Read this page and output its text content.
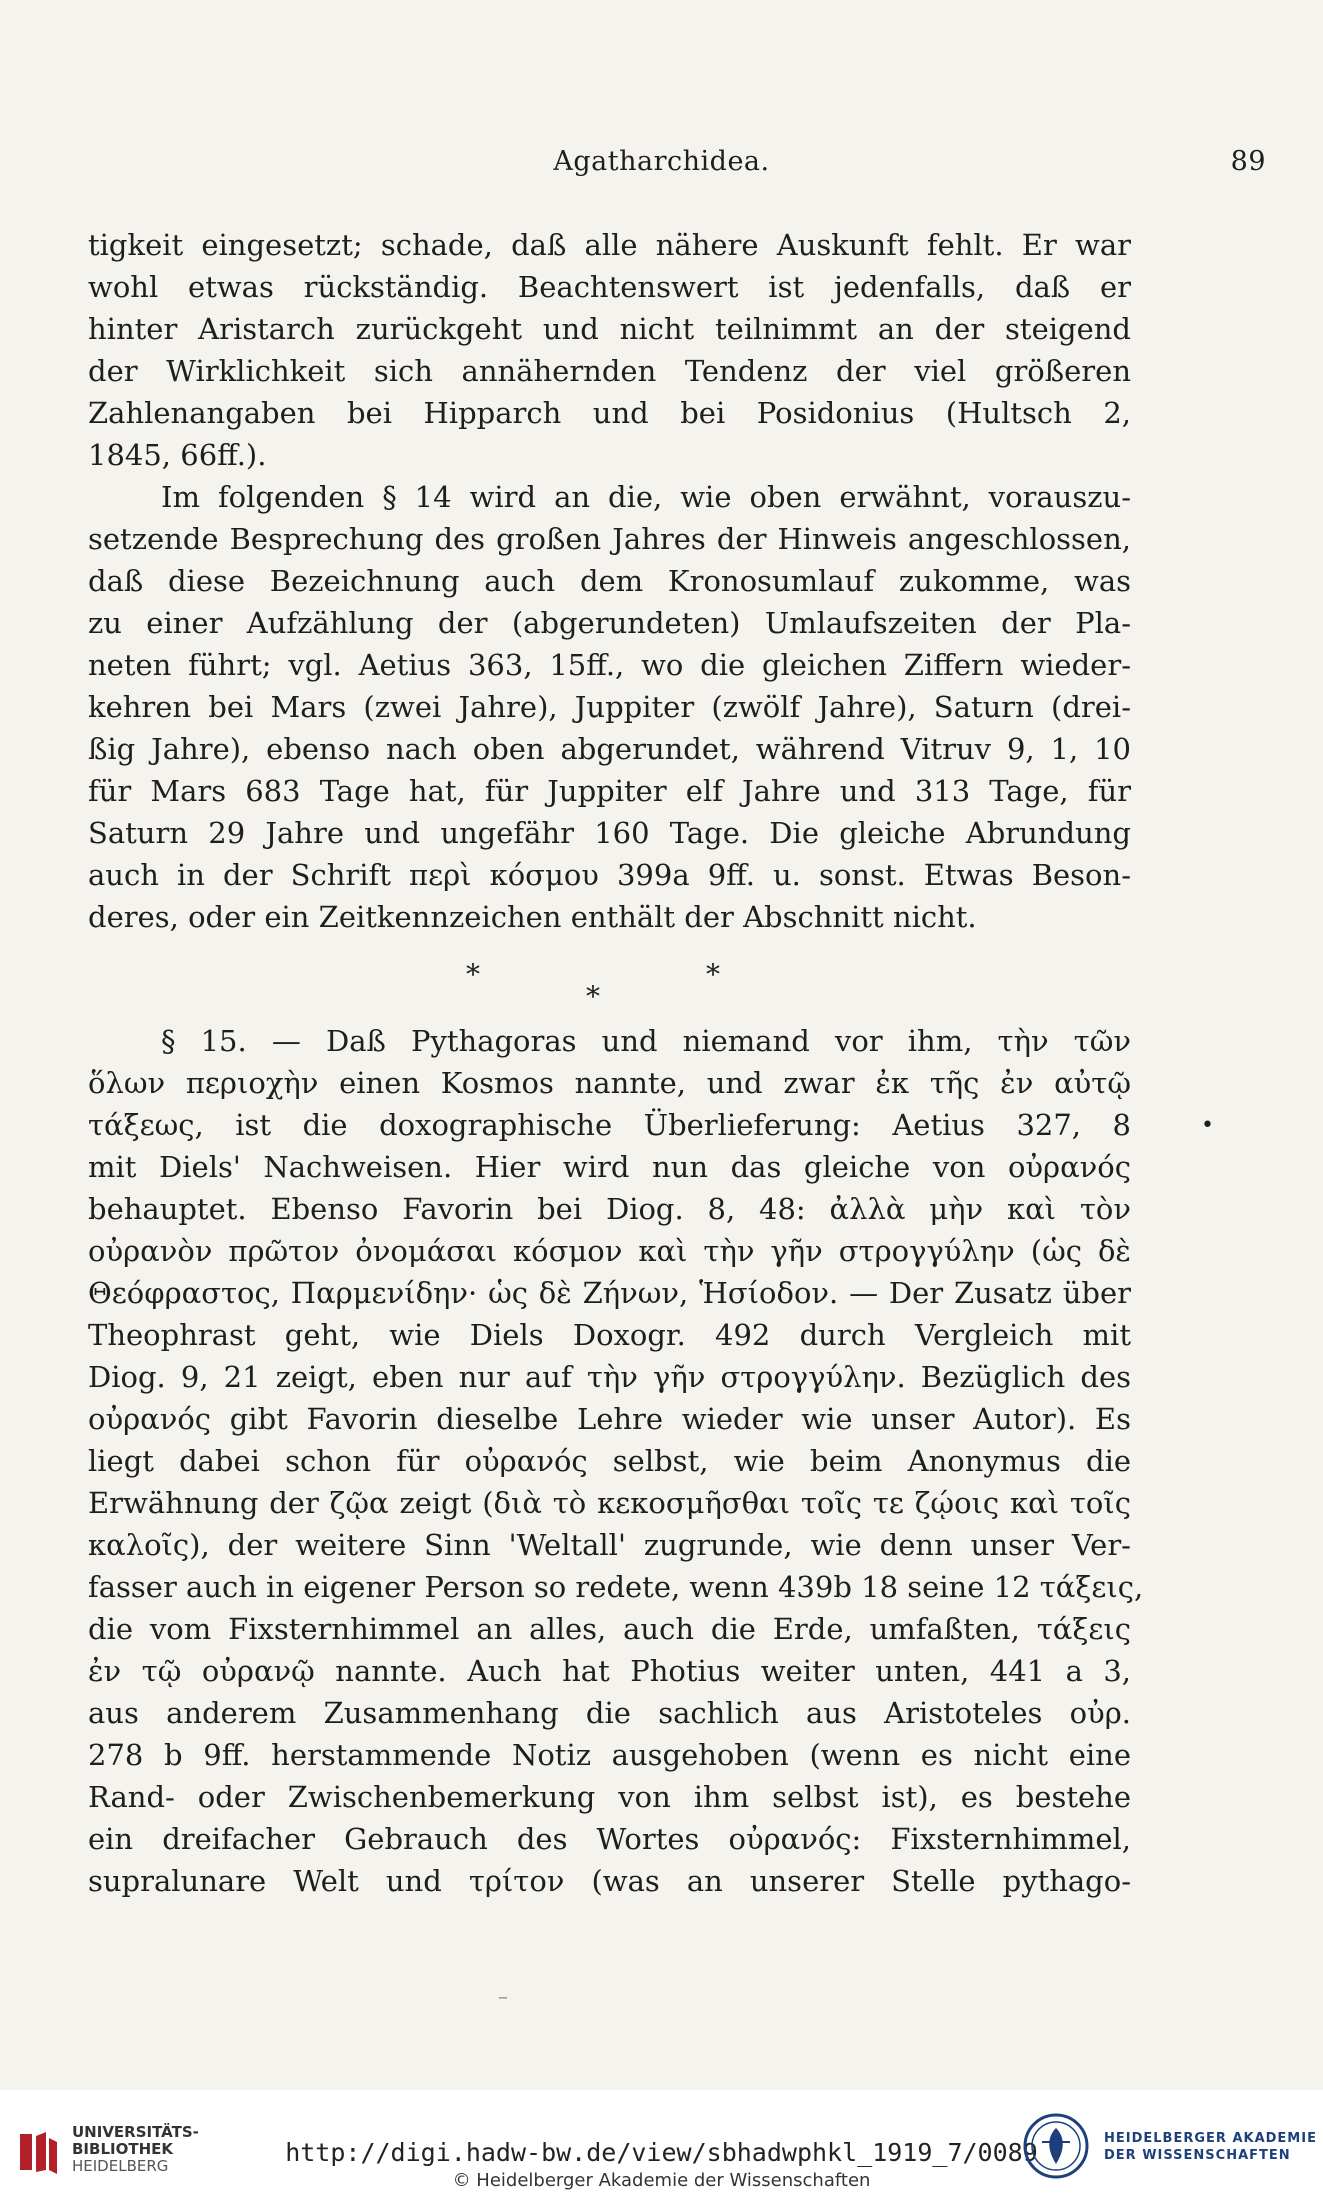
Agatharchidea.	89
tigkeit eingesetzt; schade, daß alle nähere Auskunft fehlt. Er war
wohl etwas rückständig. Beachtenswert ist jedenfalls, daß er
hinter Aristarch zurückgeht und nicht teilnimmt an der steigend
der Wirklichkeit sich annähernden Tendenz der viel größeren
Zahlenangaben bei Hipparch und bei Posidonius (Hultsch 2,
1845, 66ff.).
Im folgenden § 14 wird an die, wie oben erwähnt, vorauszu-
setzende Besprechung des großen Jahres der Hinweis angeschlossen,
daß diese Bezeichnung auch dem Kronosumlauf zukomme, was
zu einer Aufzählung der (abgerundeten) Umlaufszeiten der Pla-
neten führt; vgl. Aetius 363, 15ff., wo die gleichen Ziffern wieder-
kehren bei Mars (zwei Jahre), Juppiter (zwölf Jahre), Saturn (drei-
ßig Jahre), ebenso nach oben abgerundet, während Vitruv 9, 1, 10
für Mars 683 Tage hat, für Juppiter elf Jahre und 313 Tage, für
Saturn 29 Jahre und ungefähr 160 Tage. Die gleiche Abrundung
auch in der Schrift περὶ κόσμου 399a 9ff. u. sonst. Etwas Beson-
deres, oder ein Zeitkennzeichen enthält der Abschnitt nicht.
§ 15. — Daß Pythagoras und niemand vor ihm, τὴν τῶν
ὅλων περιοχὴν einen Kosmos nannte, und zwar ἐκ τῆς ἐν αὐτῷ
τάξεως, ist die doxographische Überlieferung: Aetius 327, 8
mit Diels' Nachweisen. Hier wird nun das gleiche von οὐρανός
behauptet. Ebenso Favorin bei Diog. 8, 48: ἀλλὰ μὴν καὶ τὸν
οὐρανὸν πρῶτον ὀνομάσαι κόσμον καὶ τὴν γῆν στρογγύλην (ὡς δὲ
Θεόφραστος, Παρμενίδην· ὡς δὲ Ζήνων, Ἡσίοδον. — Der Zusatz über
Theophrast geht, wie Diels Doxogr. 492 durch Vergleich mit
Diog. 9, 21 zeigt, eben nur auf τὴν γῆν στρογγύλην. Bezüglich des
οὐρανός gibt Favorin dieselbe Lehre wieder wie unser Autor). Es
liegt dabei schon für οὐρανός selbst, wie beim Anonymus die
Erwähnung der ζῷα zeigt (διὰ τὸ κεκοσμῆσθαι τοῖς τε ζῴοις καὶ τοῖς
καλοῖς), der weitere Sinn 'Weltall' zugrunde, wie denn unser Ver-
fasser auch in eigener Person so redete, wenn 439b 18 seine 12 τάξεις,
die vom Fixsternhimmel an alles, auch die Erde, umfaßten, τάξεις
ἐν τῷ οὐρανῷ nannte. Auch hat Photius weiter unten, 441 a 3,
aus anderem Zusammenhang die sachlich aus Aristoteles οὐρ.
278 b 9ff. herstammende Notiz ausgehoben (wenn es nicht eine
Rand- oder Zwischenbemerkung von ihm selbst ist), es bestehe
ein dreifacher Gebrauch des Wortes οὐρανός: Fixsternhimmel,
supralunare Welt und τρίτον (was an unserer Stelle pythago-
*	*
*
•
–
UNIVERSITÄTS-
BIBLIOTHEK
HEIDELBERG	http://digi.hadw-bw.de/view/sbhadwphkl_1919_7/0089
© Heidelberger Akademie der Wissenschaften
HEIDELBERGER AKADEMIE
DER WISSENSCHAFTEN
